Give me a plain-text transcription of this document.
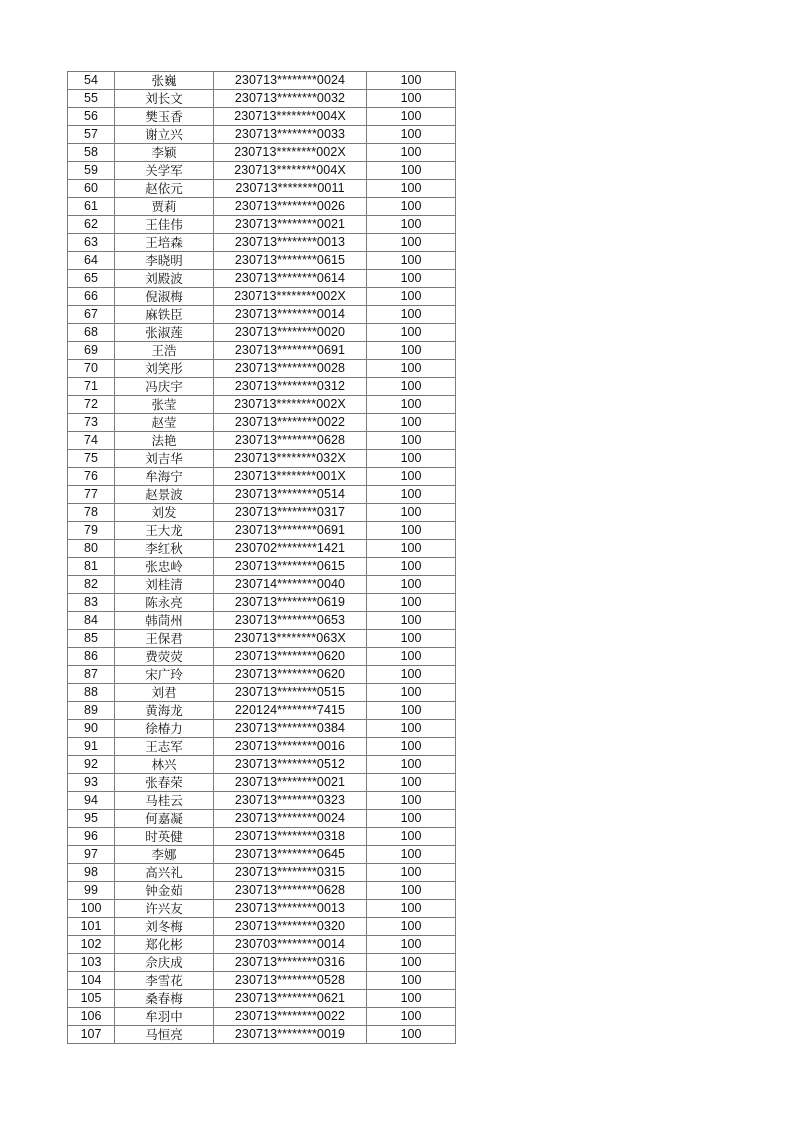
54	张巍	230713********0024	100
55	刘长文	230713********0032	100
56	樊玉香	230713********004X	100
57	谢立兴	230713********0033	100
58	李颖	230713********002X	100
59	关学军	230713********004X	100
60	赵依元	230713********0011	100
61	贾莉	230713********0026	100
62	王佳伟	230713********0021	100
63	王培森	230713********0013	100
64	李晓明	230713********0615	100
65	刘殿波	230713********0614	100
66	倪淑梅	230713********002X	100
67	麻铁臣	230713********0014	100
68	张淑莲	230713********0020	100
69	王浩	230713********0691	100
70	刘笑彤	230713********0028	100
71	冯庆宇	230713********0312	100
72	张莹	230713********002X	100
73	赵莹	230713********0022	100
74	法艳	230713********0628	100
75	刘吉华	230713********032X	100
76	牟海宁	230713********001X	100
77	赵景波	230713********0514	100
78	刘发	230713********0317	100
79	王大龙	230713********0691	100
80	李红秋	230702********1421	100
81	张忠岭	230713********0615	100
82	刘桂清	230714********0040	100
83	陈永亮	230713********0619	100
84	韩茼州	230713********0653	100
85	王保君	230713********063X	100
86	费荧荧	230713********0620	100
87	宋广玲	230713********0620	100
88	刘君	230713********0515	100
89	黄海龙	220124********7415	100
90	徐椿力	230713********0384	100
91	王志军	230713********0016	100
92	林兴	230713********0512	100
93	张春荣	230713********0021	100
94	马桂云	230713********0323	100
95	何嘉凝	230713********0024	100
96	时英健	230713********0318	100
97	李娜	230713********0645	100
98	高兴礼	230713********0315	100
99	钟金茹	230713********0628	100
100	许兴友	230713********0013	100
101	刘冬梅	230713********0320	100
102	郑化彬	230703********0014	100
103	佘庆成	230713********0316	100
104	李雪花	230713********0528	100
105	桑春梅	230713********0621	100
106	牟羽中	230713********0022	100
107	马恒亮	230713********0019	100
